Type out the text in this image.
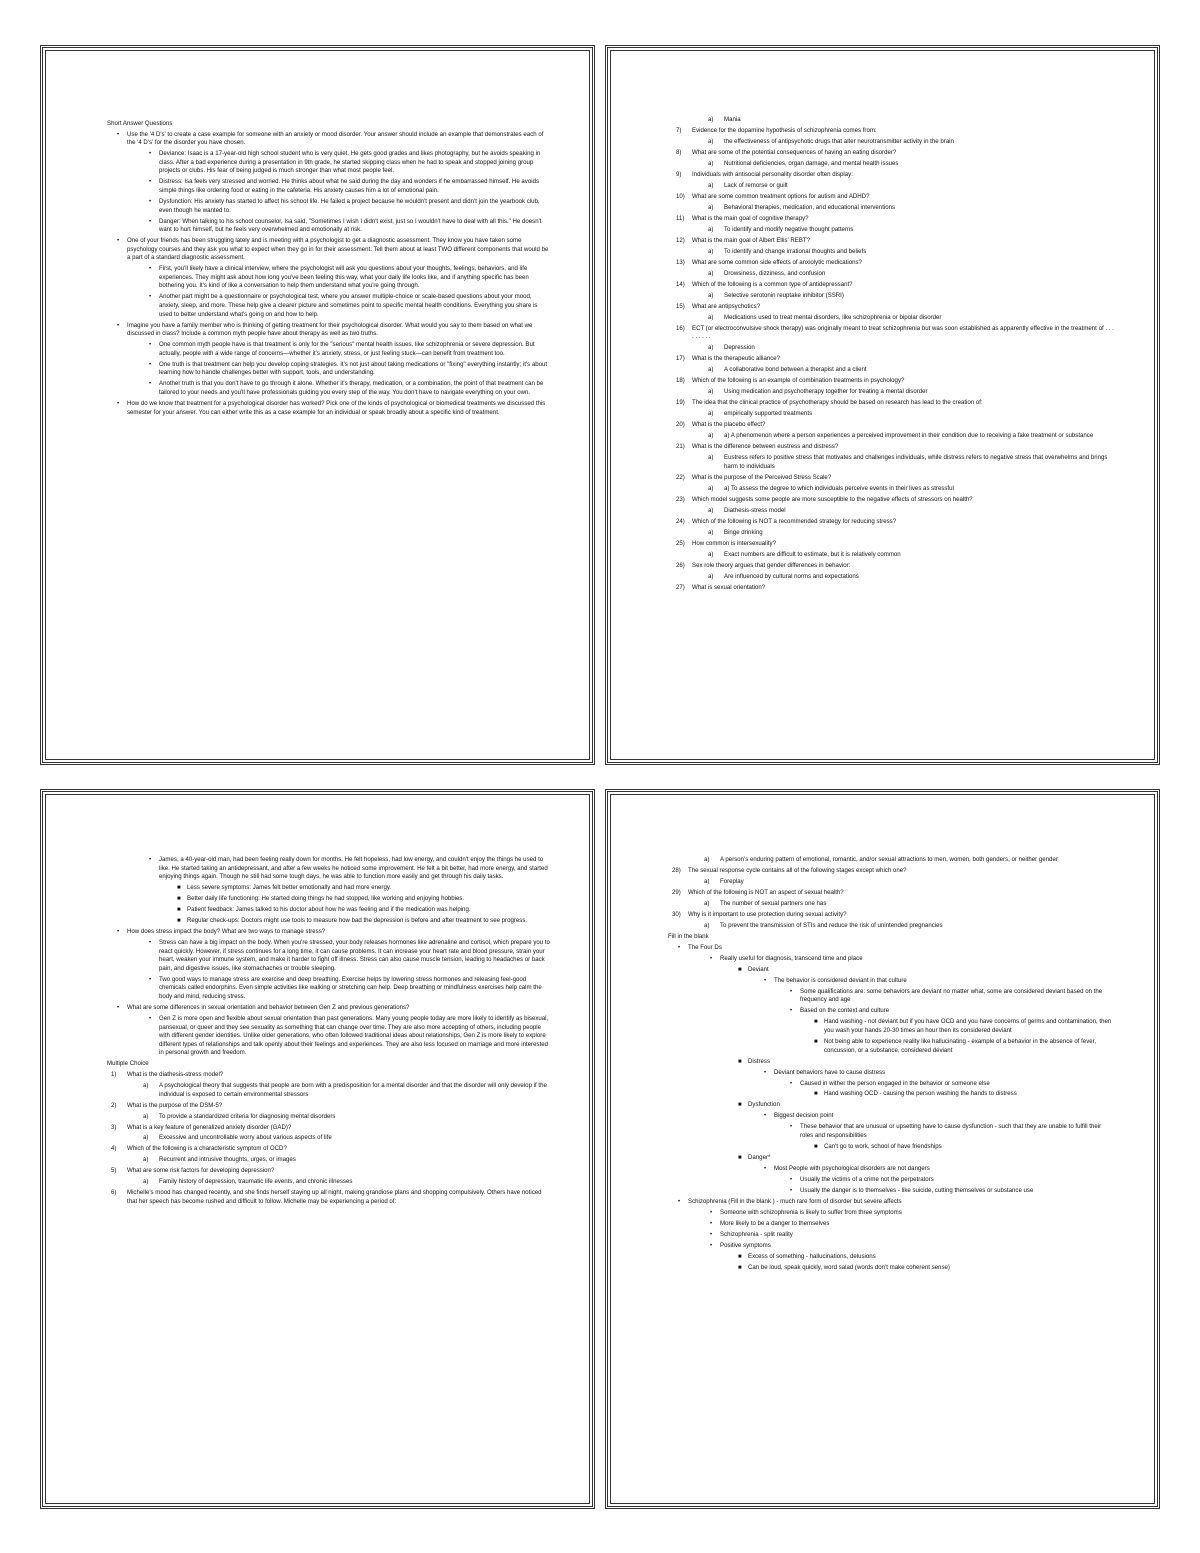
Short Answer Questions
• Use the '4 D's' to create a case example for someone with an anxiety or mood disorder. Your answer should include an example that demonstrates each of the '4 D's' for the disorder you have chosen.
• Deviance: Isaac is a 17-year-old high school student who is very quiet. He gets good grades and likes photography, but he avoids speaking in class. After a bad experience during a presentation in 9th grade, he started skipping class when he had to speak and stopped joining group projects or clubs. His fear of being judged is much stronger than what most people feel.
• Distress: Isa feels very stressed and worried. He thinks about what he said during the day and wonders if he embarrassed himself. He avoids simple things like ordering food or eating in the cafeteria. His anxiety causes him a lot of emotional pain.
• Dysfunction: His anxiety has started to affect his school life. He failed a project because he wouldn't present and didn't join the yearbook club, even though he wanted to.
• Danger: When talking to his school counselor, Isa said, "Sometimes I wish I didn't exist, just so I wouldn't have to deal with all this." He doesn't want to hurt himself, but he feels very overwhelmed and emotionally at risk.
• One of your friends has been struggling lately and is meeting with a psychologist to get a diagnostic assessment. They know you have taken some psychology courses and they ask you what to expect when they go in for their assessment. Tell them about at least TWO different components that would be a part of a standard diagnostic assessment.
• First, you'll likely have a clinical interview, where the psychologist will ask you questions about your thoughts, feelings, behaviors, and life experiences. They might ask about how long you've been feeling this way, what your daily life looks like, and if anything specific has been bothering you. It's kind of like a conversation to help them understand what you're going through.
• Another part might be a questionnaire or psychological test, where you answer multiple-choice or scale-based questions about your mood, anxiety, sleep, and more. These help give a clearer picture and sometimes point to specific mental health conditions. Everything you share is used to better understand what's going on and how to help.
• Imagine you have a family member who is thinking of getting treatment for their psychological disorder. What would you say to them based on what we discussed in class? Include a common myth people have about therapy as well as two truths.
• One common myth people have is that treatment is only for the "serious" mental health issues, like schizophrenia or severe depression. But actually, people with a wide range of concerns—whether it's anxiety, stress, or just feeling stuck—can benefit from treatment too.
• One truth is that treatment can help you develop coping strategies. It's not just about taking medications or "fixing" everything instantly; it's about learning how to handle challenges better with support, tools, and understanding.
• Another truth is that you don't have to go through it alone. Whether it's therapy, medication, or a combination, the point of that treatment can be tailored to your needs and you'll have professionals guiding you every step of the way. You don't have to navigate everything on your own.
• How do we know that treatment for a psychological disorder has worked? Pick one of the kinds of psychological or biomedical treatments we discussed this semester for your answer. You can either write this as a case example for an individual or speak broadly about a specific kind of treatment.
a) Mania
7) Evidence for the dopamine hypothesis of schizophrenia comes from:
a) the effectiveness of antipsychotic drugs that alter neurotransmitter activity in the brain
8) What are some of the potential consequences of having an eating disorder?
a) Nutritional deficiencies, organ damage, and mental health issues
9) Individuals with antisocial personality disorder often display:
a) Lack of remorse or guilt
10) What are some common treatment options for autism and ADHD?
a) Behavioral therapies, medication, and educational interventions
11) What is the main goal of cognitive therapy?
a) To identify and modify negative thought patterns
12) What is the main goal of Albert Ellis' REBT?
a) To identify and change irrational thoughts and beliefs
13) What are some common side effects of anxiolytic medications?
a) Drowsiness, dizziness, and confusion
14) Which of the following is a common type of antidepressant?
a) Selective serotonin reuptake inhibitor (SSRI)
15) What are antipsychotics?
a) Medications used to treat mental disorders, like schizophrenia or bipolar disorder
16) ECT (or electroconvulsive shock therapy) was originally meant to treat schizophrenia but was soon established as apparently effective in the treatment of . . . . . . . . .
a) Depression
17) What is the therapeutic alliance?
a) A collaborative bond between a therapist and a client
18) Which of the following is an example of combination treatments in psychology?
a) Using medication and psychotherapy together for treating a mental disorder
19) The idea that the clinical practice of psychotherapy should be based on research has lead to the creation of:
a) empirically supported treatments
20) What is the placebo effect?
a) a) A phenomenon where a person experiences a perceived improvement in their condition due to receiving a fake treatment or substance
21) What is the difference between eustress and distress?
a) Eustress refers to positive stress that motivates and challenges individuals, while distress refers to negative stress that overwhelms and brings harm to individuals
22) What is the purpose of the Perceived Stress Scale?
a) a) To assess the degree to which individuals perceive events in their lives as stressful
23) Which model suggests some people are more susceptible to the negative effects of stressors on health?
a) Diathesis-stress model
24) Which of the following is NOT a recommended strategy for reducing stress?
a) Binge drinking
25) How common is intersexuality?
a) Exact numbers are difficult to estimate, but it is relatively common
26) Sex role theory argues that gender differences in behavior:
a) Are influenced by cultural norms and expectations
27) What is sexual orientation?
• James, a 40-year-old man, had been feeling really down for months. He felt hopeless, had low energy, and couldn't enjoy the things he used to like. He started taking an antidepressant, and after a few weeks he noticed some improvement. He felt a bit better, had more energy, and started enjoying things again. Though he still had some tough days, he was able to function more easily and get through his daily tasks.
■ Less severe symptoms: James felt better emotionally and had more energy.
■ Better daily life functioning: He started doing things he had stopped, like working and enjoying hobbies.
■ Patient feedback: James talked to his doctor about how he was feeling and if the medication was helping.
■ Regular check-ups: Doctors might use tools to measure how bad the depression is before and after treatment to see progress.
• How does stress impact the body? What are two ways to manage stress?
• Stress can have a big impact on the body. When you're stressed, your body releases hormones like adrenaline and cortisol, which prepare you to react quickly. However, if stress continues for a long time, it can cause problems. It can increase your heart rate and blood pressure, strain your heart, weaken your immune system, and make it harder to fight off illness. Stress can also cause muscle tension, leading to headaches or back pain, and digestive issues, like stomachaches or trouble sleeping.
• Two good ways to manage stress are exercise and deep breathing. Exercise helps by lowering stress hormones and releasing feel-good chemicals called endorphins. Even simple activities like walking or stretching can help. Deep breathing or mindfulness exercises help calm the body and mind, reducing stress.
• What are some differences in sexual orientation and behavior between Gen Z and previous generations?
• Gen Z is more open and flexible about sexual orientation than past generations. Many young people today are more likely to identify as bisexual, pansexual, or queer and they see sexuality as something that can change over time. They are also more accepting of others, including people with different gender identities. Unlike older generations, who often followed traditional ideas about relationships, Gen Z is more likely to explore different types of relationships and talk openly about their feelings and experiences. They are also less focused on marriage and more interested in personal growth and freedom.
Multiple Choice
1) What is the diathesis-stress model?
a) A psychological theory that suggests that people are born with a predisposition for a mental disorder and that the disorder will only develop if the individual is exposed to certain environmental stressors
2) What is the purpose of the DSM-5?
a) To provide a standardized criteria for diagnosing mental disorders
3) What is a key feature of generalized anxiety disorder (GAD)?
a) Excessive and uncontrollable worry about various aspects of life
4) Which of the following is a characteristic symptom of OCD?
a) Recurrent and intrusive thoughts, urges, or images
5) What are some risk factors for developing depression?
a) Family history of depression, traumatic life events, and chronic illnesses
6) Michelle's mood has changed recently, and she finds herself staying up all night, making grandiose plans and shopping compulsively. Others have noticed that her speech has become rushed and difficult to follow. Michelle may be experiencing a period of:
a) A person's enduring pattern of emotional, romantic, and/or sexual attractions to men, women, both genders, or neither gender
28) The sexual response cycle contains all of the following stages except which one?
a) Foreplay
29) Which of the following is NOT an aspect of sexual health?
a) The number of sexual partners one has
30) Why is it important to use protection during sexual activity?
a) To prevent the transmission of STIs and reduce the risk of unintended pregnancies
Fill in the blank
• The Four Ds
• Really useful for diagnosis, transcend time and place
■ Deviant
• The behavior is considered deviant in that culture
• Some qualifications are: some behaviors are deviant no matter what, some are considered deviant based on the frequency and age
• Based on the context and culture
■ Hand washing - not deviant but if you have OCD and you have concerns of germs and contamination, then you wash your hands 20-30 times an hour then its considered deviant
■ Not being able to experience reality like hallucinating - example of a behavior in the absence of fever, concussion, or a substance, considered deviant
■ Distress
• Deviant behaviors have to cause distress
• Caused in wither the person engaged in the behavior or someone else
■ Hand washing OCD - causing the person washing the hands to distress
■ Dysfunction
• Biggest decision point
• These behavior that are unusual or upsetting have to cause dysfunction - such that they are unable to fulfill their roles and responsibilities
■ Can't go to work, school of have friendships
■ Danger*
• Most People with psychological disorders are not dangers
• Usually the victims of a crime not the perpetrators
• Usually the danger is to themselves - like suicide, cutting themselves or substance use
• Schizophrenia (Fill in the blank ) - much rare form of disorder but severe affects
• Someone with schizophrenia is likely to suffer from three symptoms
• More likely to be a danger to themselves
• Schizophrenia - split reality
• Positive symptoms
■ Excess of something - hallucinations, delusions
■ Can be loud, speak quickly, word salad (words don't make coherent sense)
